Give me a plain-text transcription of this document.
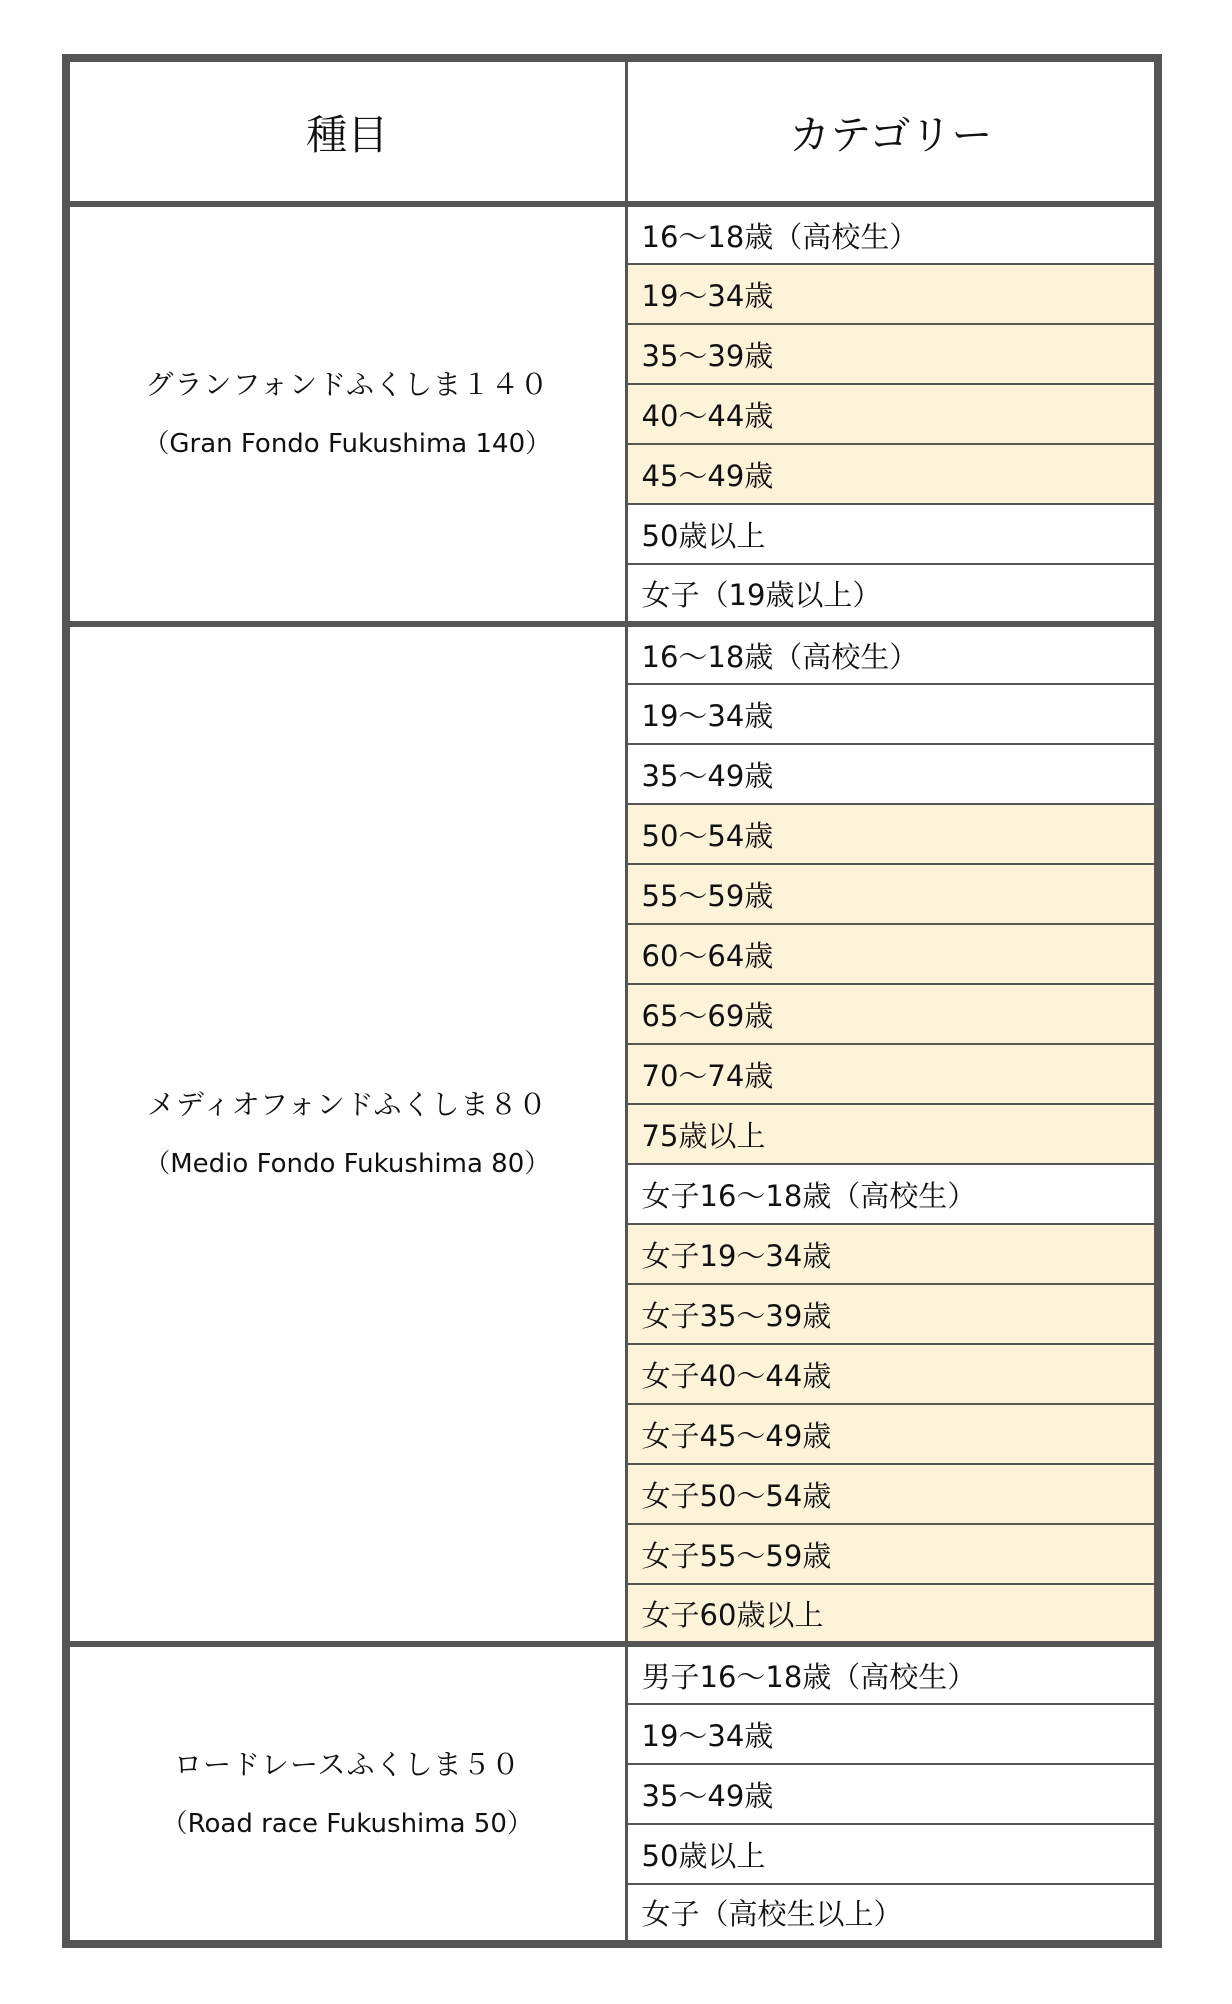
種目	カテゴリー

グランフォンドふくしま１４０
（Gran Fondo Fukushima 140）	16〜18歳（高校生）
	19〜34歳
	35〜39歳
	40〜44歳
	45〜49歳
	50歳以上
	女子（19歳以上）

メディオフォンドふくしま８０
（Medio Fondo Fukushima 80）	16〜18歳（高校生）
	19〜34歳
	35〜49歳
	50〜54歳
	55〜59歳
	60〜64歳
	65〜69歳
	70〜74歳
	75歳以上
	女子16〜18歳（高校生）
	女子19〜34歳
	女子35〜39歳
	女子40〜44歳
	女子45〜49歳
	女子50〜54歳
	女子55〜59歳
	女子60歳以上

ロードレースふくしま５０
（Road race Fukushima 50）	男子16〜18歳（高校生）
	19〜34歳
	35〜49歳
	50歳以上
	女子（高校生以上）
